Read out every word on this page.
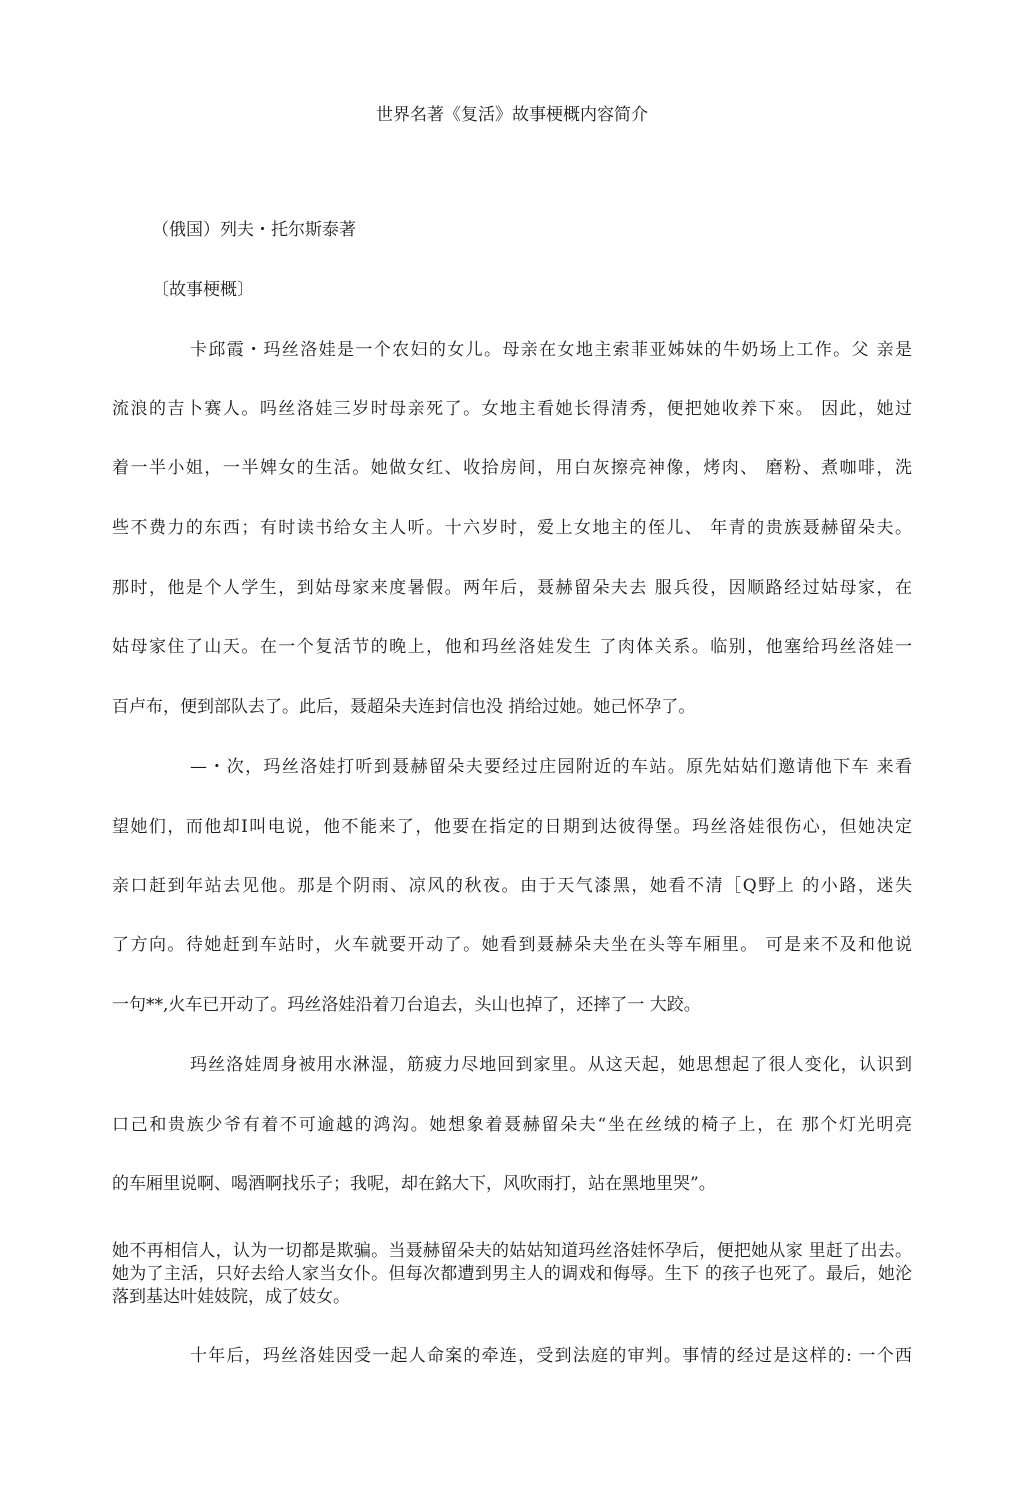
世界名著《复活》故事梗概内容简介
（俄国）列夫・托尔斯泰著
〔故事梗概〕
卡邱霞・玛丝洛娃是一个农妇的女儿。母亲在女地主索菲亚姊妹的牛奶场上工作。父 亲是
流浪的吉卜赛人。吗丝洛娃三岁时母亲死了。女地主看她长得清秀，便把她收养下來。 因此，她过
着一半小姐，一半婢女的生活。她做女红、收拾房间，用白灰擦亮神像，烤肉、 磨粉、煮咖啡，洗
些不费力的东西；有时读书给女主人听。十六岁时，爱上女地主的侄儿、 年青的贵族聂赫留朵夫。
那时，他是个人学生，到姑母家来度暑假。两年后，聂赫留朵夫去 服兵役，因顺路经过姑母家，在
姑母家住了山天。在一个复活节的晚上，他和玛丝洛娃发生 了肉体关系。临别，他塞给玛丝洛娃一
百卢布，便到部队去了。此后，聂超朵夫连封信也没 捎给过她。她己怀孕了。
—・次，玛丝洛娃打听到聂赫留朵夫要经过庄园附近的车站。原先姑姑们邀请他下车 来看
望她们，而他却I叫电说，他不能来了，他要在指定的日期到达彼得堡。玛丝洛娃很伤心，但她决定
亲口赶到年站去见他。那是个阴雨、凉风的秋夜。由于天气漆黑，她看不清［Q野上 的小路，迷失
了方向。待她赶到车站时，火车就要开动了。她看到聂赫朵夫坐在头等车厢里。 可是来不及和他说
一句**,火车已开动了。玛丝洛娃沿着刀台追去，头山也掉了，还摔了一 大跤。
玛丝洛娃周身被用水淋湿，筋疲力尽地回到家里。从这天起，她思想起了很人变化，认识到
口己和贵族少爷有着不可逾越的鸿沟。她想象着聂赫留朵夫“坐在丝绒的椅子上，在 那个灯光明亮
的车厢里说啊、喝酒啊找乐子；我呢，却在銘大下，风吹雨打，站在黑地里哭”。
她不再相信人，认为一切都是欺骗。当聂赫留朵夫的姑姑知道玛丝洛娃怀孕后，便把她从家 里赶了出去。她为了主活，只好去给人家当女仆。但每次都遭到男主人的调戏和侮辱。生下 的孩子也死了。最后，她沦落到基达叶娃妓院，成了妓女。
十年后，玛丝洛娃因受一起人命案的牵连，受到法庭的审判。事情的经过是这样的: 一个西
